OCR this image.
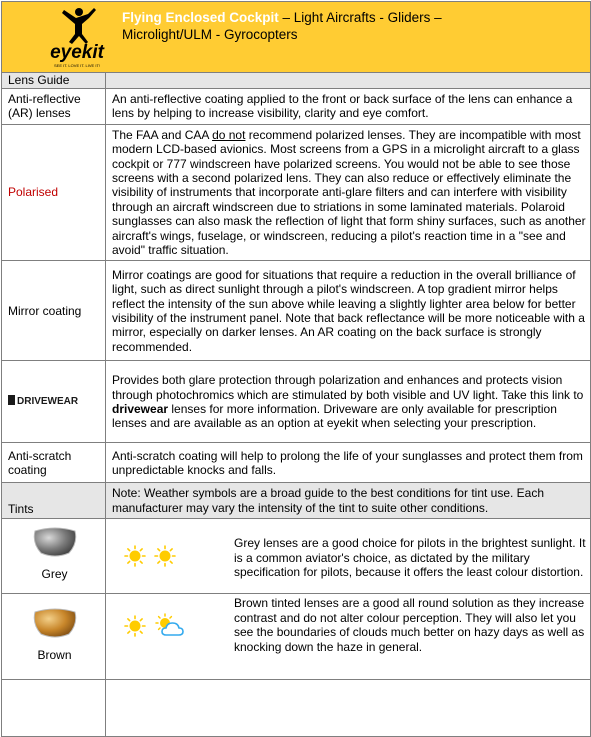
eyekit
SEE IT. LOVE IT. LIVE IT!
Flying Enclosed Cockpit – Light Aircrafts - Gliders – Microlight/ULM - Gyrocopters	

Lens Guide	
Anti-reflective (AR) lenses	An anti-reflective coating applied to the front or back surface of the lens can enhance a lens by helping to increase visibility, clarity and eye comfort.
Polarised	The FAA and CAA do not recommend polarized lenses. They are incompatible with most modern LCD-based avionics. Most screens from a GPS in a microlight aircraft to a glass cockpit or 777 windscreen have polarized screens. You would not be able to see those screens with a second polarized lens. They can also reduce or effectively eliminate the visibility of instruments that incorporate anti-glare filters and can interfere with visibility through an aircraft windscreen due to striations in some laminated materials. Polaroid sunglasses can also mask the reflection of light that form shiny surfaces, such as another aircraft's wings, fuselage, or windscreen, reducing a pilot's reaction time in a "see and avoid" traffic situation.
Mirror coating	Mirror coatings are good for situations that require a reduction in the overall brilliance of light, such as direct sunlight through a pilot's windscreen. A top gradient mirror helps reflect the intensity of the sun above while leaving a slightly lighter area below for better visibility of the instrument panel. Note that back reflectance will be more noticeable with a mirror, especially on darker lenses. An AR coating on the back surface is strongly recommended.

DRIVEWEAR	Provides both glare protection through polarization and enhances and protects vision through photochromics which are stimulated by both visible and UV light. Take this link to drivewear lenses for more information. Driveware are only available for prescription lenses and are available as an option at eyekit when selecting your prescription.
Anti-scratch coating	Anti-scratch coating will help to prolong the life of your sunglasses and protect them from unpredictable knocks and falls.
Tints	Note: Weather symbols are a broad guide to the best conditions for tint use. Each manufacturer may vary the intensity of the tint to suite other conditions.

Grey	Grey lenses are a good choice for pilots in the brightest sunlight. It is a common aviator's choice, as dictated by the military specification for pilots, because it offers the least colour distortion.

Brown	Brown tinted lenses are a good all round solution as they increase contrast and do not alter colour perception. They will also let you see the boundaries of clouds much better on hazy days as well as knocking down the haze in general.
